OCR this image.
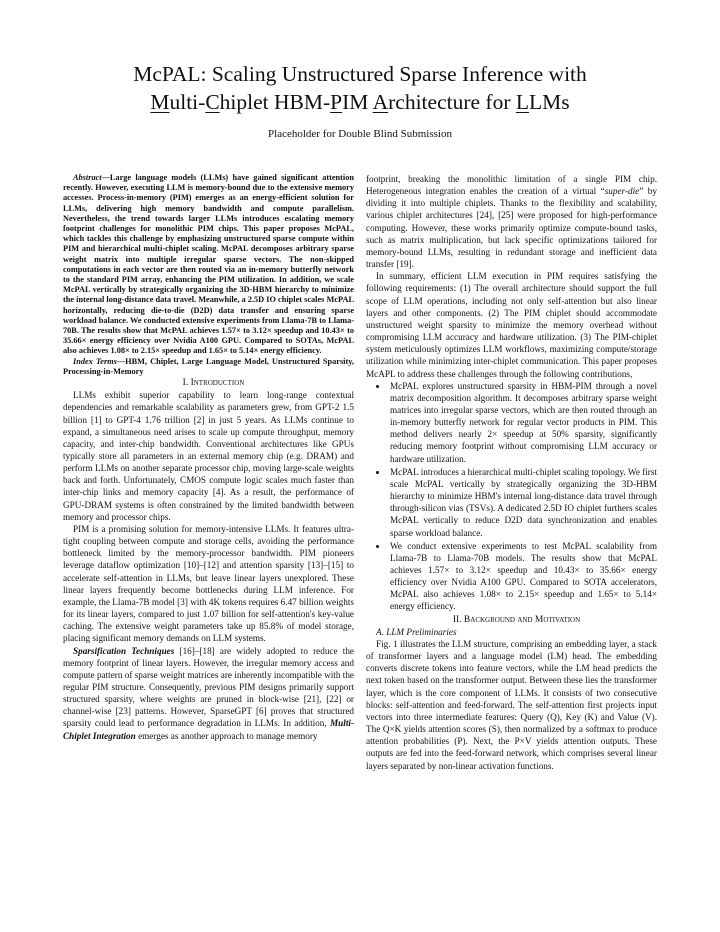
McPAL: Scaling Unstructured Sparse Inference with
Multi-Chiplet HBM-PIM Architecture for LLMs
Placeholder for Double Blind Submission

Abstract—Large language models (LLMs) have gained significant attention recently. However, executing LLM is memory-bound due to the extensive memory accesses. Process-in-memory (PIM) emerges as an energy-efficient solution for LLMs, delivering high memory bandwidth and compute parallelism. Nevertheless, the trend towards larger LLMs introduces escalating memory footprint challenges for monolithic PIM chips. This paper proposes McPAL, which tackles this challenge by emphasizing unstructured sparse compute within PIM and hierarchical multi-chiplet scaling. McPAL decomposes arbitrary sparse weight matrix into multiple irregular sparse vectors. The non-skipped computations in each vector are then routed via an in-memory butterfly network to the standard PIM array, enhancing the PIM utilization. In addition, we scale McPAL vertically by strategically organizing the 3D-HBM hierarchy to minimize the internal long-distance data travel. Meanwhile, a 2.5D IO chiplet scales McPAL horizontally, reducing die-to-die (D2D) data transfer and ensuring sparse workload balance. We conducted extensive experiments from Llama-7B to Llama-70B. The results show that McPAL achieves 1.57× to 3.12× speedup and 10.43× to 35.66× energy efficiency over Nvidia A100 GPU. Compared to SOTAs, McPAL also achieves 1.08× to 2.15× speedup and 1.65× to 5.14× energy efficiency.

Index Terms—HBM, Chiplet, Large Language Model, Unstructured Sparsity, Processing-in-Memory

I. Introduction

LLMs exhibit superior capability to learn long-range contextual dependencies and remarkable scalability as parameters grew, from GPT-2 1.5 billion [1] to GPT-4 1.76 trillion [2] in just 5 years. As LLMs continue to expand, a simultaneous need arises to scale up compute throughput, memory capacity, and inter-chip bandwidth. Conventional architectures like GPUs typically store all parameters in an external memory chip (e.g. DRAM) and perform LLMs on another separate processor chip, moving large-scale weights back and forth. Unfortunately, CMOS compute logic scales much faster than inter-chip links and memory capacity [4]. As a result, the performance of GPU-DRAM systems is often constrained by the limited bandwidth between memory and processor chips.

PIM is a promising solution for memory-intensive LLMs. It features ultra-tight coupling between compute and storage cells, avoiding the performance bottleneck limited by the memory-processor bandwidth. PIM pioneers leverage dataflow optimization [10]–[12] and attention sparsity [13]–[15] to accelerate self-attention in LLMs, but leave linear layers unexplored. These linear layers frequently become bottlenecks during LLM inference. For example, the Llama-7B model [3] with 4K tokens requires 6.47 billion weights for its linear layers, compared to just 1.07 billion for self-attention's key-value caching. The extensive weight parameters take up 85.8% of model storage, placing significant memory demands on LLM systems.

Sparsification Techniques [16]–[18] are widely adopted to reduce the memory footprint of linear layers. However, the irregular memory access and compute pattern of sparse weight matrices are inherently incompatible with the regular PIM structure. Consequently, previous PIM designs primarily support structured sparsity, where weights are pruned in block-wise [21], [22] or channel-wise [23] patterns. However, SparseGPT [6] proves that structured sparsity could lead to performance degradation in LLMs. In addition, Multi-Chiplet Integration emerges as another approach to manage memory

footprint, breaking the monolithic limitation of a single PIM chip. Heterogeneous integration enables the creation of a virtual “super-die” by dividing it into multiple chiplets. Thanks to the flexibility and scalability, various chiplet architectures [24], [25] were proposed for high-performance computing. However, these works primarily optimize compute-bound tasks, such as matrix multiplication, but lack specific optimizations tailored for memory-bound LLMs, resulting in redundant storage and inefficient data transfer [19].

In summary, efficient LLM execution in PIM requires satisfying the following requirements: (1) The overall architecture should support the full scope of LLM operations, including not only self-attention but also linear layers and other components. (2) The PIM chiplet should accommodate unstructured weight sparsity to minimize the memory overhead without compromising LLM accuracy and hardware utilization. (3) The PIM-chiplet system meticulously optimizes LLM workflows, maximizing compute/storage utilization while minimizing inter-chiplet communication. This paper proposes McAPL to address these challenges through the following contributions,

• McPAL explores unstructured sparsity in HBM-PIM through a novel matrix decomposition algorithm. It decomposes arbitrary sparse weight matrices into irregular sparse vectors, which are then routed through an in-memory butterfly network for regular vector products in PIM. This method delivers nearly 2× speedup at 50% sparsity, significantly reducing memory footprint without compromising LLM accuracy or hardware utilization.
• McPAL introduces a hierarchical multi-chiplet scaling topology. We first scale McPAL vertically by strategically organizing the 3D-HBM hierarchy to minimize HBM's internal long-distance data travel through through-silicon vias (TSVs). A dedicated 2.5D IO chiplet furthers scales McPAL vertically to reduce D2D data synchronization and enables sparse workload balance.
• We conduct extensive experiments to test McPAL scalability from Llama-7B to Llama-70B models. The results show that McPAL achieves 1.57× to 3.12× speedup and 10.43× to 35.66× energy efficiency over Nvidia A100 GPU. Compared to SOTA accelerators, McPAL also achieves 1.08× to 2.15× speedup and 1.65× to 5.14× energy efficiency.

II. Background and Motivation

A. LLM Preliminaries

Fig. 1 illustrates the LLM structure, comprising an embedding layer, a stack of transformer layers and a language model (LM) head. The embedding converts discrete tokens into feature vectors, while the LM head predicts the next token based on the transformer output. Between these lies the transformer layer, which is the core component of LLMs. It consists of two consecutive blocks: self-attention and feed-forward. The self-attention first projects input vectors into three intermediate features: Query (Q), Key (K) and Value (V). The Q×K yields attention scores (S), then normalized by a softmax to produce attention probabilities (P). Next, the P×V yields attention outputs. These outputs are fed into the feed-forward network, which comprises several linear layers separated by non-linear activation functions.
